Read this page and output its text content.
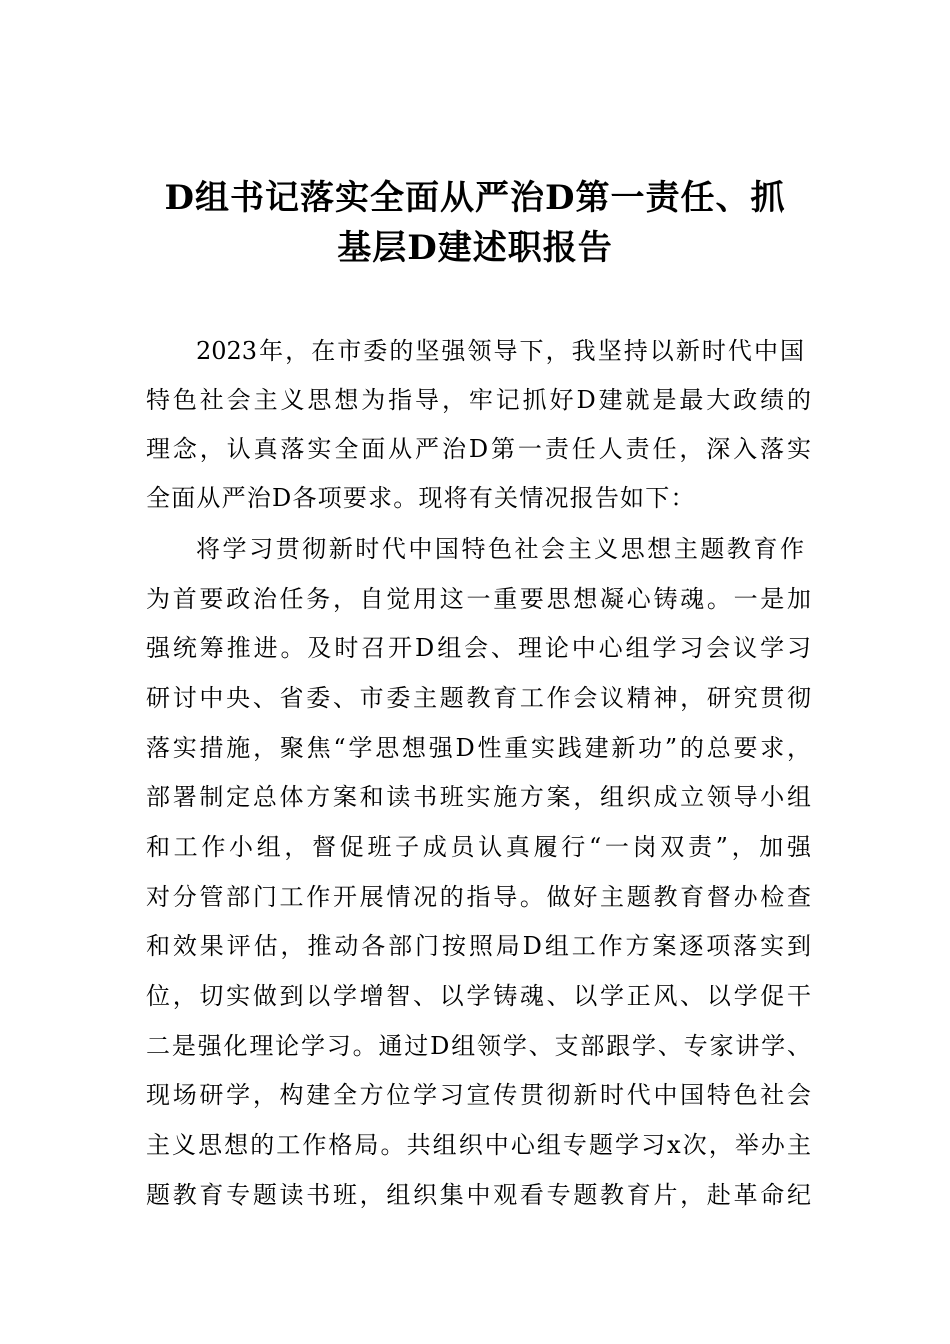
D组书记落实全面从严治D第一责任、抓
基层D建述职报告
2023年，在市委的坚强领导下，我坚持以新时代中国
特色社会主义思想为指导，牢记抓好D建就是最大政绩的
理念，认真落实全面从严治D第一责任人责任，深入落实
全面从严治D各项要求。现将有关情况报告如下：
将学习贯彻新时代中国特色社会主义思想主题教育作
为首要政治任务，自觉用这一重要思想凝心铸魂。一是加
强统筹推进。及时召开D组会、理论中心组学习会议学习
研讨中央、省委、市委主题教育工作会议精神，研究贯彻
落实措施，聚焦“学思想强D性重实践建新功”的总要求，
部署制定总体方案和读书班实施方案，组织成立领导小组
和工作小组，督促班子成员认真履行“一岗双责”，加强
对分管部门工作开展情况的指导。做好主题教育督办检查
和效果评估，推动各部门按照局D组工作方案逐项落实到
位，切实做到以学增智、以学铸魂、以学正风、以学促干
二是强化理论学习。通过D组领学、支部跟学、专家讲学、
现场研学，构建全方位学习宣传贯彻新时代中国特色社会
主义思想的工作格局。共组织中心组专题学习x次，举办主
题教育专题读书班，组织集中观看专题教育片，赴革命纪
